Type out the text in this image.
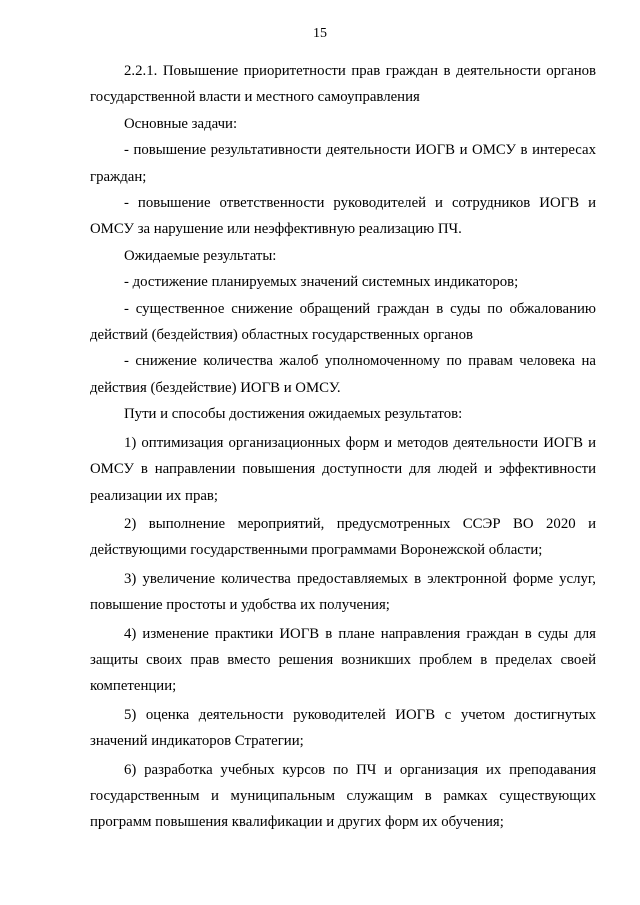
15

2.2.1. Повышение приоритетности прав граждан в деятельности органов государственной власти и местного самоуправления

Основные задачи:

- повышение результативности деятельности ИОГВ и ОМСУ в интересах граждан;

- повышение ответственности руководителей и сотрудников ИОГВ и ОМСУ за нарушение или неэффективную реализацию ПЧ.

Ожидаемые результаты:

- достижение планируемых значений системных индикаторов;

- существенное снижение обращений граждан в суды по обжалованию действий (бездействия) областных государственных органов

- снижение количества жалоб уполномоченному по правам человека на действия (бездействие) ИОГВ и ОМСУ.

Пути и способы достижения ожидаемых результатов:

1) оптимизация организационных форм и методов деятельности ИОГВ и ОМСУ в направлении повышения доступности для людей и эффективности реализации их прав;

2) выполнение мероприятий, предусмотренных ССЭР ВО 2020 и действующими государственными программами Воронежской области;

3) увеличение количества предоставляемых в электронной форме услуг, повышение простоты и удобства их получения;

4) изменение практики ИОГВ в плане направления граждан в суды для защиты своих прав вместо решения возникших проблем в пределах своей компетенции;

5) оценка деятельности руководителей ИОГВ с учетом достигнутых значений индикаторов Стратегии;

6) разработка учебных курсов по ПЧ и организация их преподавания государственным и муниципальным служащим в рамках существующих программ повышения квалификации и других форм их обучения;
